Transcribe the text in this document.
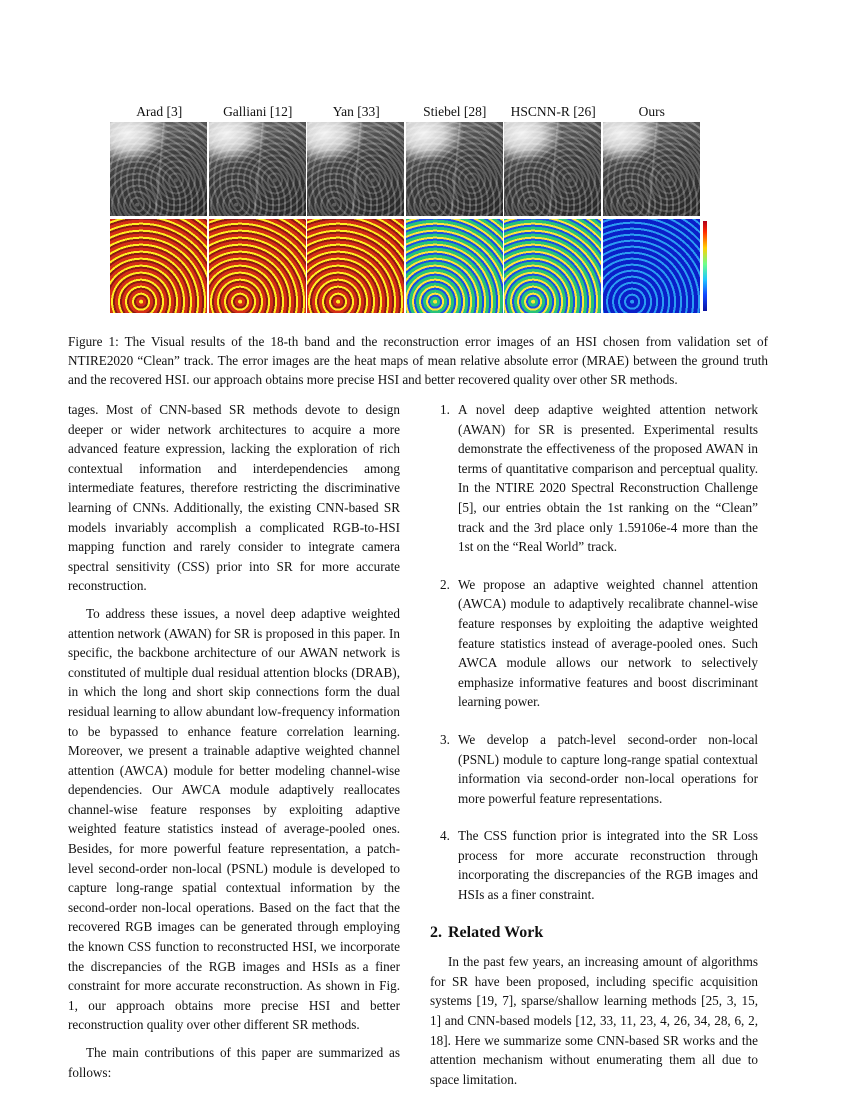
Arad [3]	Galliani [12]	Yan [33]	Stiebel [28]	HSCNN-R [26]	Ours
Figure 1: The Visual results of the 18-th band and the reconstruction error images of an HSI chosen from validation set of NTIRE2020 “Clean” track. The error images are the heat maps of mean relative absolute error (MRAE) between the ground truth and the recovered HSI. our approach obtains more precise HSI and better recovered quality over other SR methods.

tages. Most of CNN-based SR methods devote to design deeper or wider network architectures to acquire a more advanced feature expression, lacking the exploration of rich contextual information and interdependencies among intermediate features, therefore restricting the discriminative learning of CNNs. Additionally, the existing CNN-based SR models invariably accomplish a complicated RGB-to-HSI mapping function and rarely consider to integrate camera spectral sensitivity (CSS) prior into SR for more accurate reconstruction.

To address these issues, a novel deep adaptive weighted attention network (AWAN) for SR is proposed in this paper. In specific, the backbone architecture of our AWAN network is constituted of multiple dual residual attention blocks (DRAB), in which the long and short skip connections form the dual residual learning to allow abundant low-frequency information to be bypassed to enhance feature correlation learning. Moreover, we present a trainable adaptive weighted channel attention (AWCA) module for better modeling channel-wise dependencies. Our AWCA module adaptively reallocates channel-wise feature responses by exploiting adaptive weighted feature statistics instead of average-pooled ones. Besides, for more powerful feature representation, a patch-level second-order non-local (PSNL) module is developed to capture long-range spatial contextual information by the second-order non-local operations. Based on the fact that the recovered RGB images can be generated through employing the known CSS function to reconstructed HSI, we incorporate the discrepancies of the RGB images and HSIs as a finer constraint for more accurate reconstruction. As shown in Fig. 1, our approach obtains more precise HSI and better reconstruction quality over other different SR methods.

The main contributions of this paper are summarized as follows:

1. A novel deep adaptive weighted attention network (AWAN) for SR is presented. Experimental results demonstrate the effectiveness of the proposed AWAN in terms of quantitative comparison and perceptual quality. In the NTIRE 2020 Spectral Reconstruction Challenge [5], our entries obtain the 1st ranking on the “Clean” track and the 3rd place only 1.59106e-4 more than the 1st on the “Real World” track.
2. We propose an adaptive weighted channel attention (AWCA) module to adaptively recalibrate channel-wise feature responses by exploiting the adaptive weighted feature statistics instead of average-pooled ones. Such AWCA module allows our network to selectively emphasize informative features and boost discriminant learning power.
3. We develop a patch-level second-order non-local (PSNL) module to capture long-range spatial contextual information via second-order non-local operations for more powerful feature representations.
4. The CSS function prior is integrated into the SR Loss process for more accurate reconstruction through incorporating the discrepancies of the RGB images and HSIs as a finer constraint.
2. Related Work

In the past few years, an increasing amount of algorithms for SR have been proposed, including specific acquisition systems [19, 7], sparse/shallow learning methods [25, 3, 15, 1] and CNN-based models [12, 33, 11, 23, 4, 26, 34, 28, 6, 2, 18]. Here we summarize some CNN-based SR works and the attention mechanism without enumerating them all due to space limitation.
